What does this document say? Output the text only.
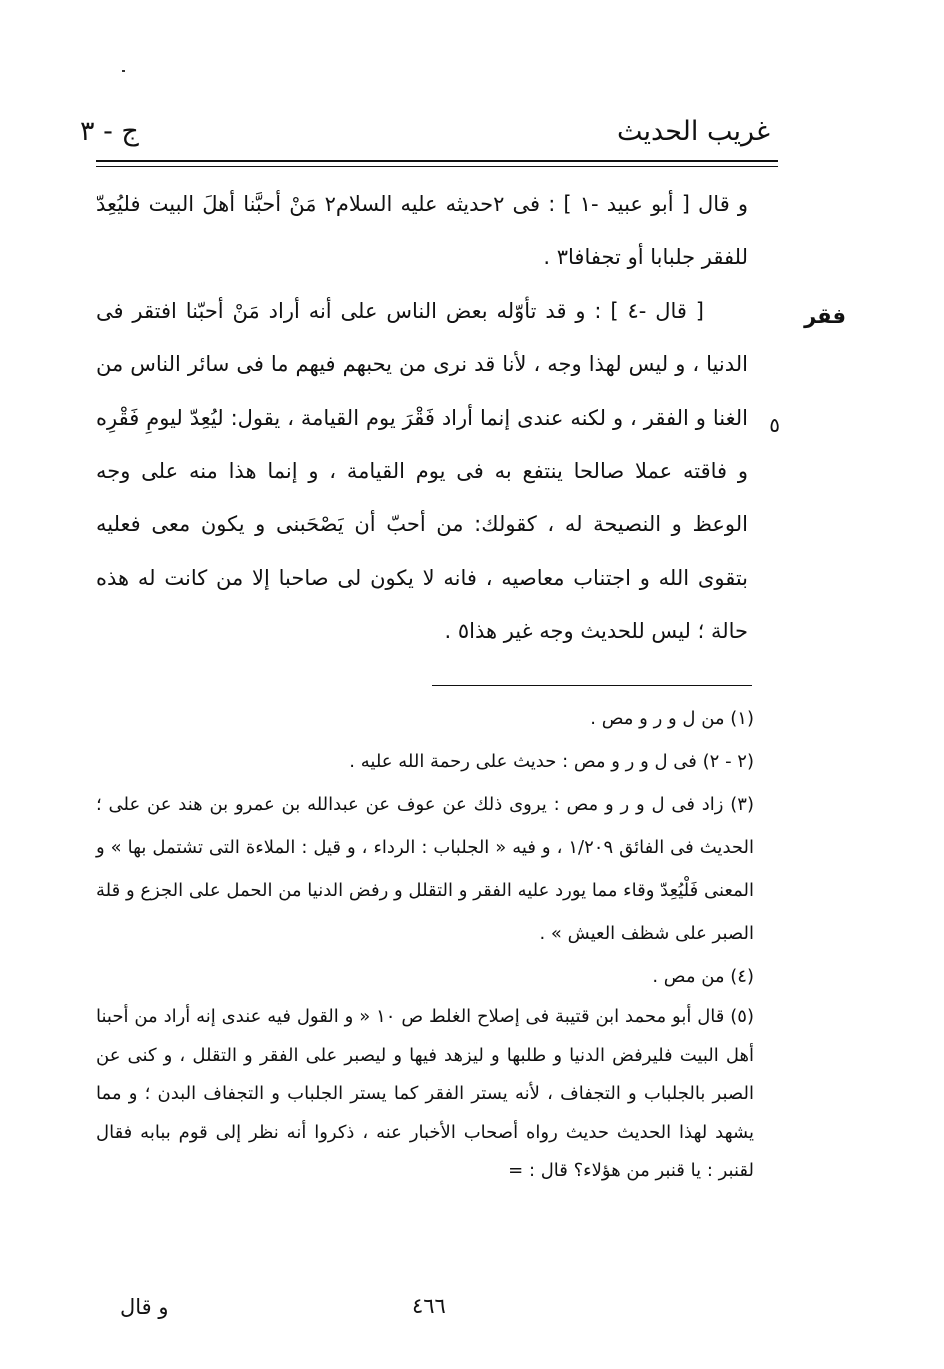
غريب الحديث
ج - ٣
فقر
٥

و قال [ أبو عبيد -١ ] : فى ٢حديثه عليه السلام٢ مَنْ أحبَّنا أهلَ البيت فليُعِدّ للفقر جلبابا أو تجفافا٣ .

[ قال -٤ ] : و قد تأوّله بعض الناس على أنه أراد مَنْ أحبّنا افتقر فى الدنيا ، و ليس لهذا وجه ، لأنا قد نرى من يحبهم فيهم ما فى سائر الناس من الغنا و الفقر ، و لكنه عندى إنما أراد فَقْرَ يوم القيامة ، يقول: ليُعِدّ ليومِ فَقْرِه و فاقته عملا صالحا ينتفع به فى يوم القيامة ، و إنما هذا منه على وجه الوعظ و النصيحة له ، كقولك: من أحبّ أن يَصْحَبنى و يكون معى فعليه بتقوى الله و اجتناب معاصيه ، فانه لا يكون لى صاحبا إلا من كانت له هذه حالة ؛ ليس للحديث وجه غير هذا٥ .

(١) من ل و ر و مص .

(٢ - ٢) فى ل و ر و مص : حديث على رحمة الله عليه .

(٣) زاد فى ل و ر و مص : يروى ذلك عن عوف عن عبدالله بن عمرو بن هند عن على ؛ الحديث فى الفائق ١/٢٠٩ ، و فيه « الجلباب : الرداء ، و قيل : الملاءة التى تشتمل بها » و المعنى فَلْيُعِدّ وقاء مما يورد عليه الفقر و التقلل و رفض الدنيا من الحمل على الجزع و قلة الصبر على شظف العيش » .

(٤) من مص .

(٥) قال أبو محمد ابن قتيبة فى إصلاح الغلط ص ١٠ « و القول فيه عندى إنه أراد من أحبنا أهل البيت فليرفض الدنيا و طلبها و ليزهد فيها و ليصبر على الفقر و التقلل ، و كنى عن الصبر بالجلباب و التجفاف ، لأنه يستر الفقر كما يستر الجلباب و التجفاف البدن ؛ و مما يشهد لهذا الحديث حديث رواه أصحاب الأخبار عنه ، ذكروا أنه نظر إلى قوم ببابه فقال لقنبر : يا قنبر من هؤلاء؟ قال : =

٤٦٦
و قال
